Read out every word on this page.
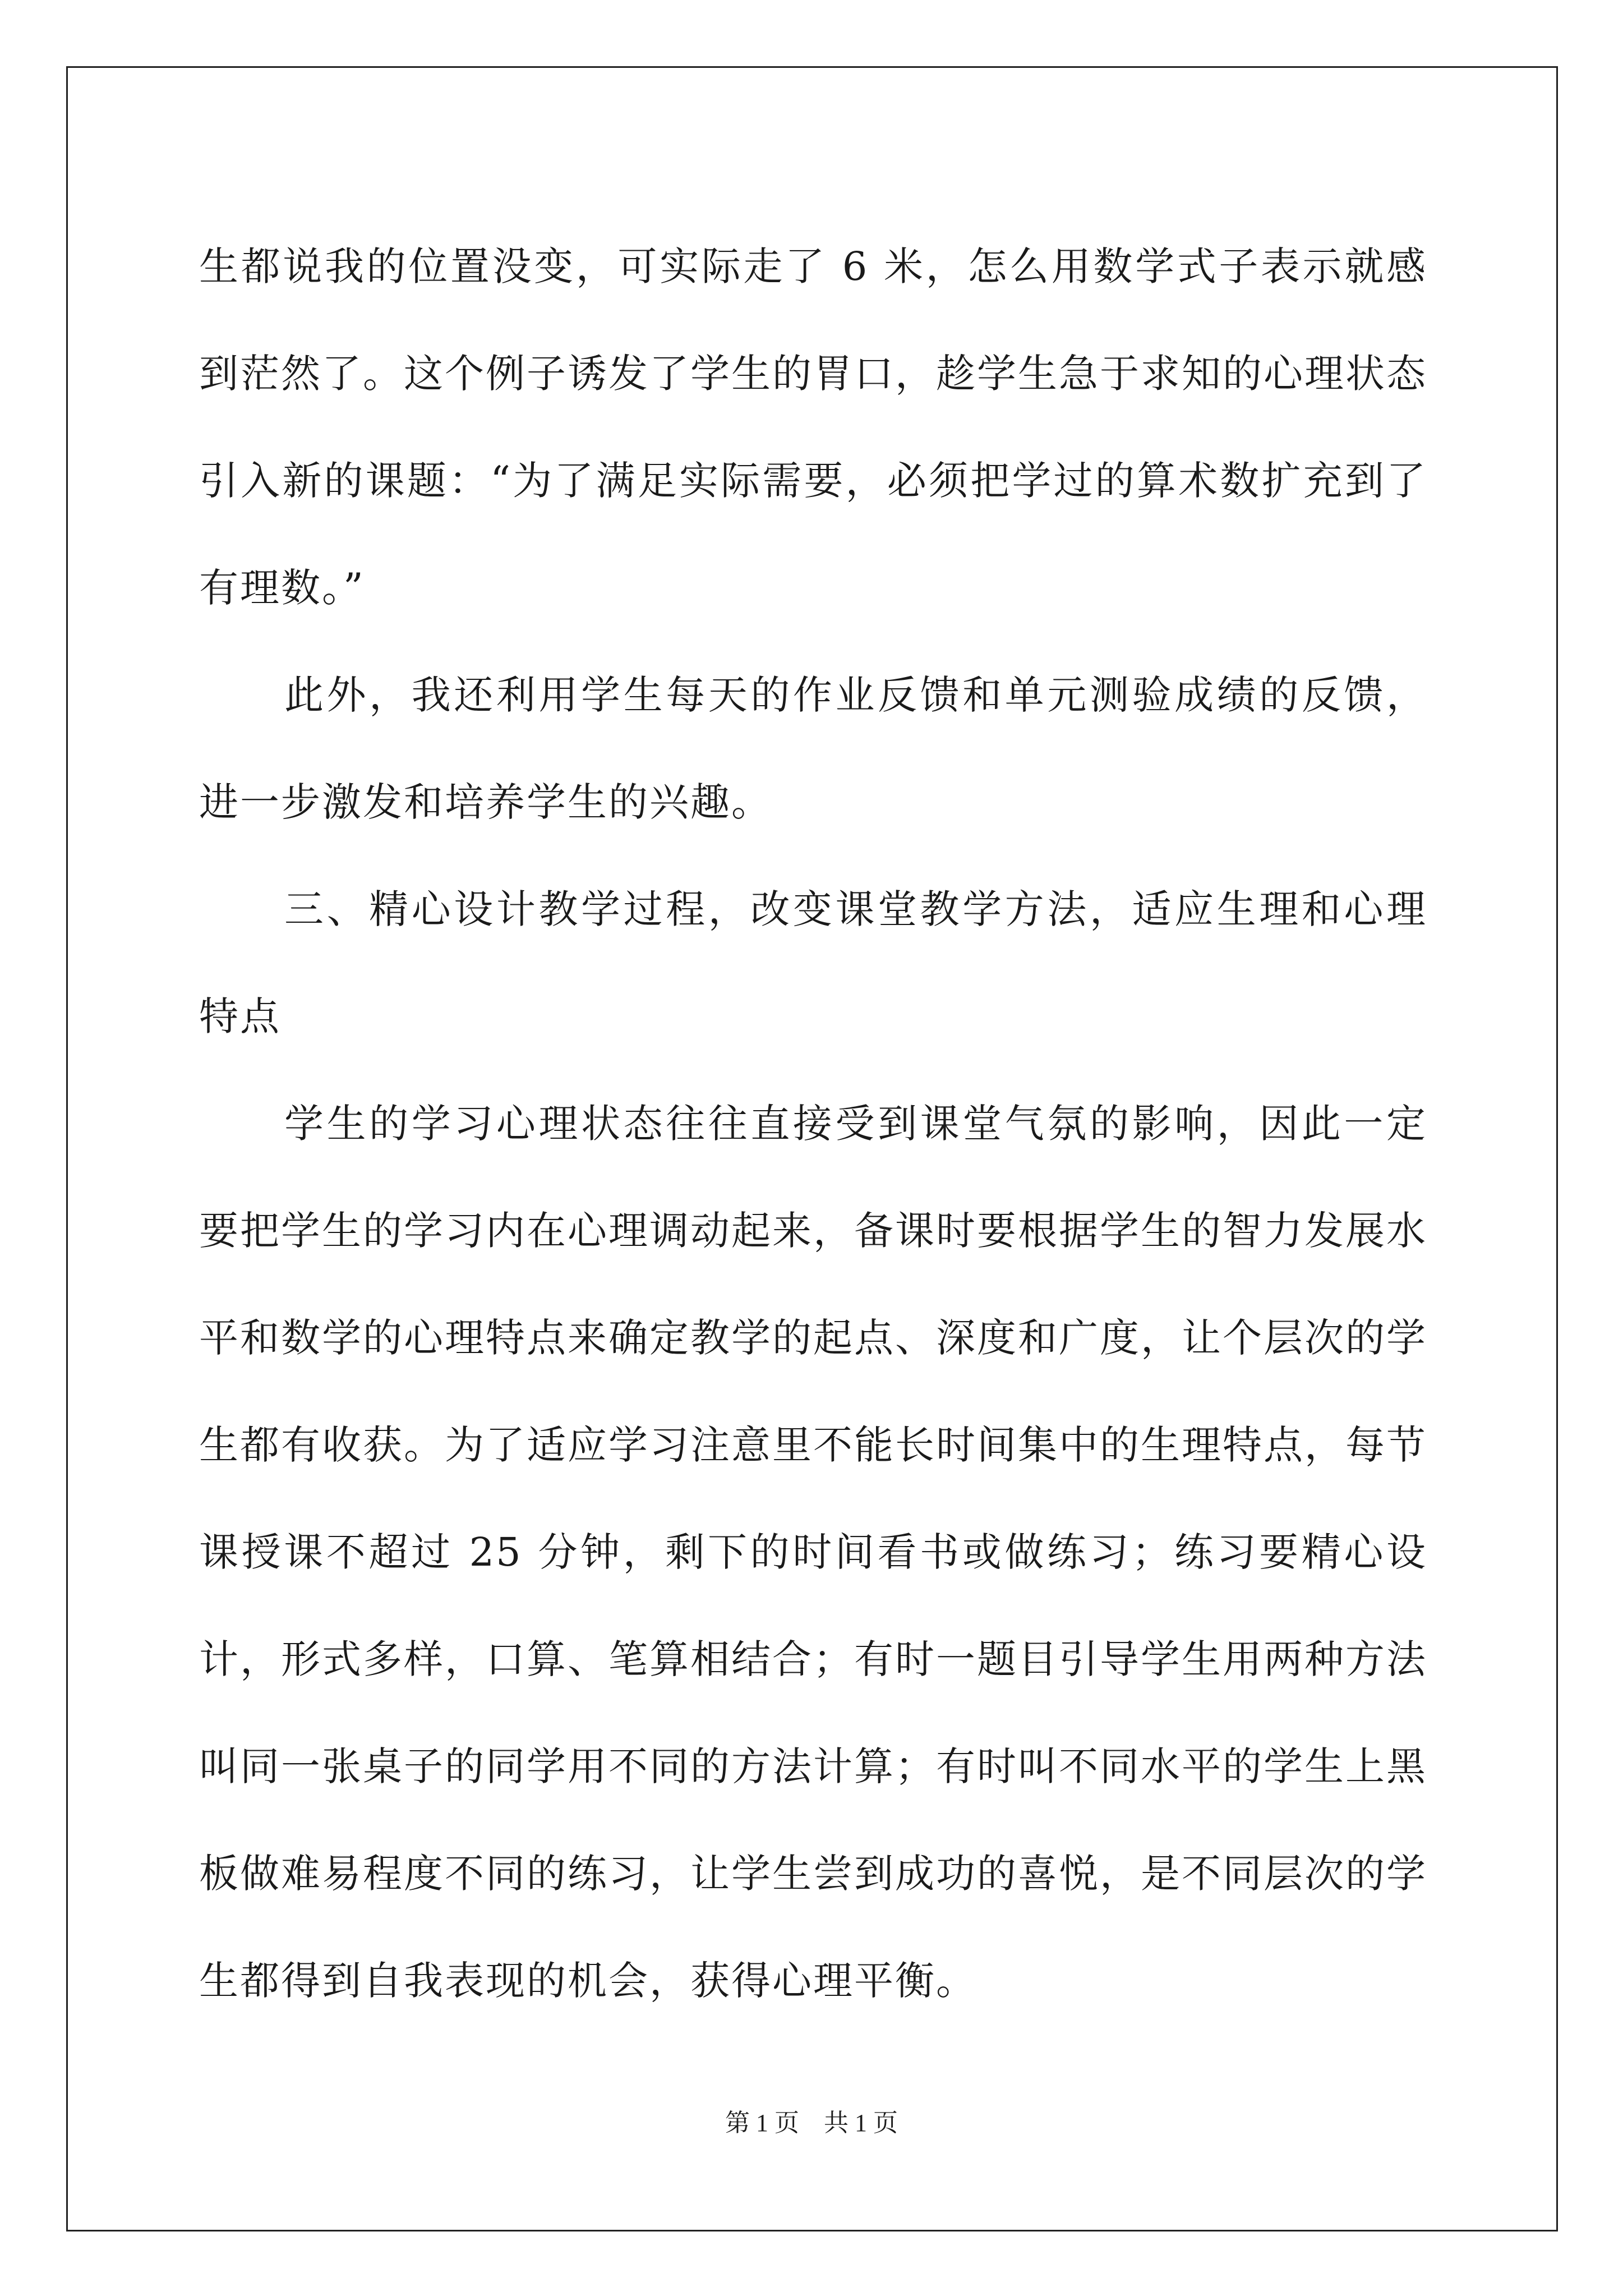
生都说我的位置没变，可实际走了 6 米，怎么用数学式子表示就感到茫然了。这个例子诱发了学生的胃口，趁学生急于求知的心理状态引入新的课题：“为了满足实际需要，必须把学过的算术数扩充到了有理数。”

此外，我还利用学生每天的作业反馈和单元测验成绩的反馈，进一步激发和培养学生的兴趣。

三、精心设计教学过程，改变课堂教学方法，适应生理和心理特点

学生的学习心理状态往往直接受到课堂气氛的影响，因此一定要把学生的学习内在心理调动起来，备课时要根据学生的智力发展水平和数学的心理特点来确定教学的起点、深度和广度，让个层次的学生都有收获。为了适应学习注意里不能长时间集中的生理特点，每节课授课不超过 25 分钟，剩下的时间看书或做练习；练习要精心设计，形式多样，口算、笔算相结合；有时一题目引导学生用两种方法叫同一张桌子的同学用不同的方法计算；有时叫不同水平的学生上黑板做难易程度不同的练习，让学生尝到成功的喜悦，是不同层次的学生都得到自我表现的机会，获得心理平衡。

第 1 页 共 1 页
